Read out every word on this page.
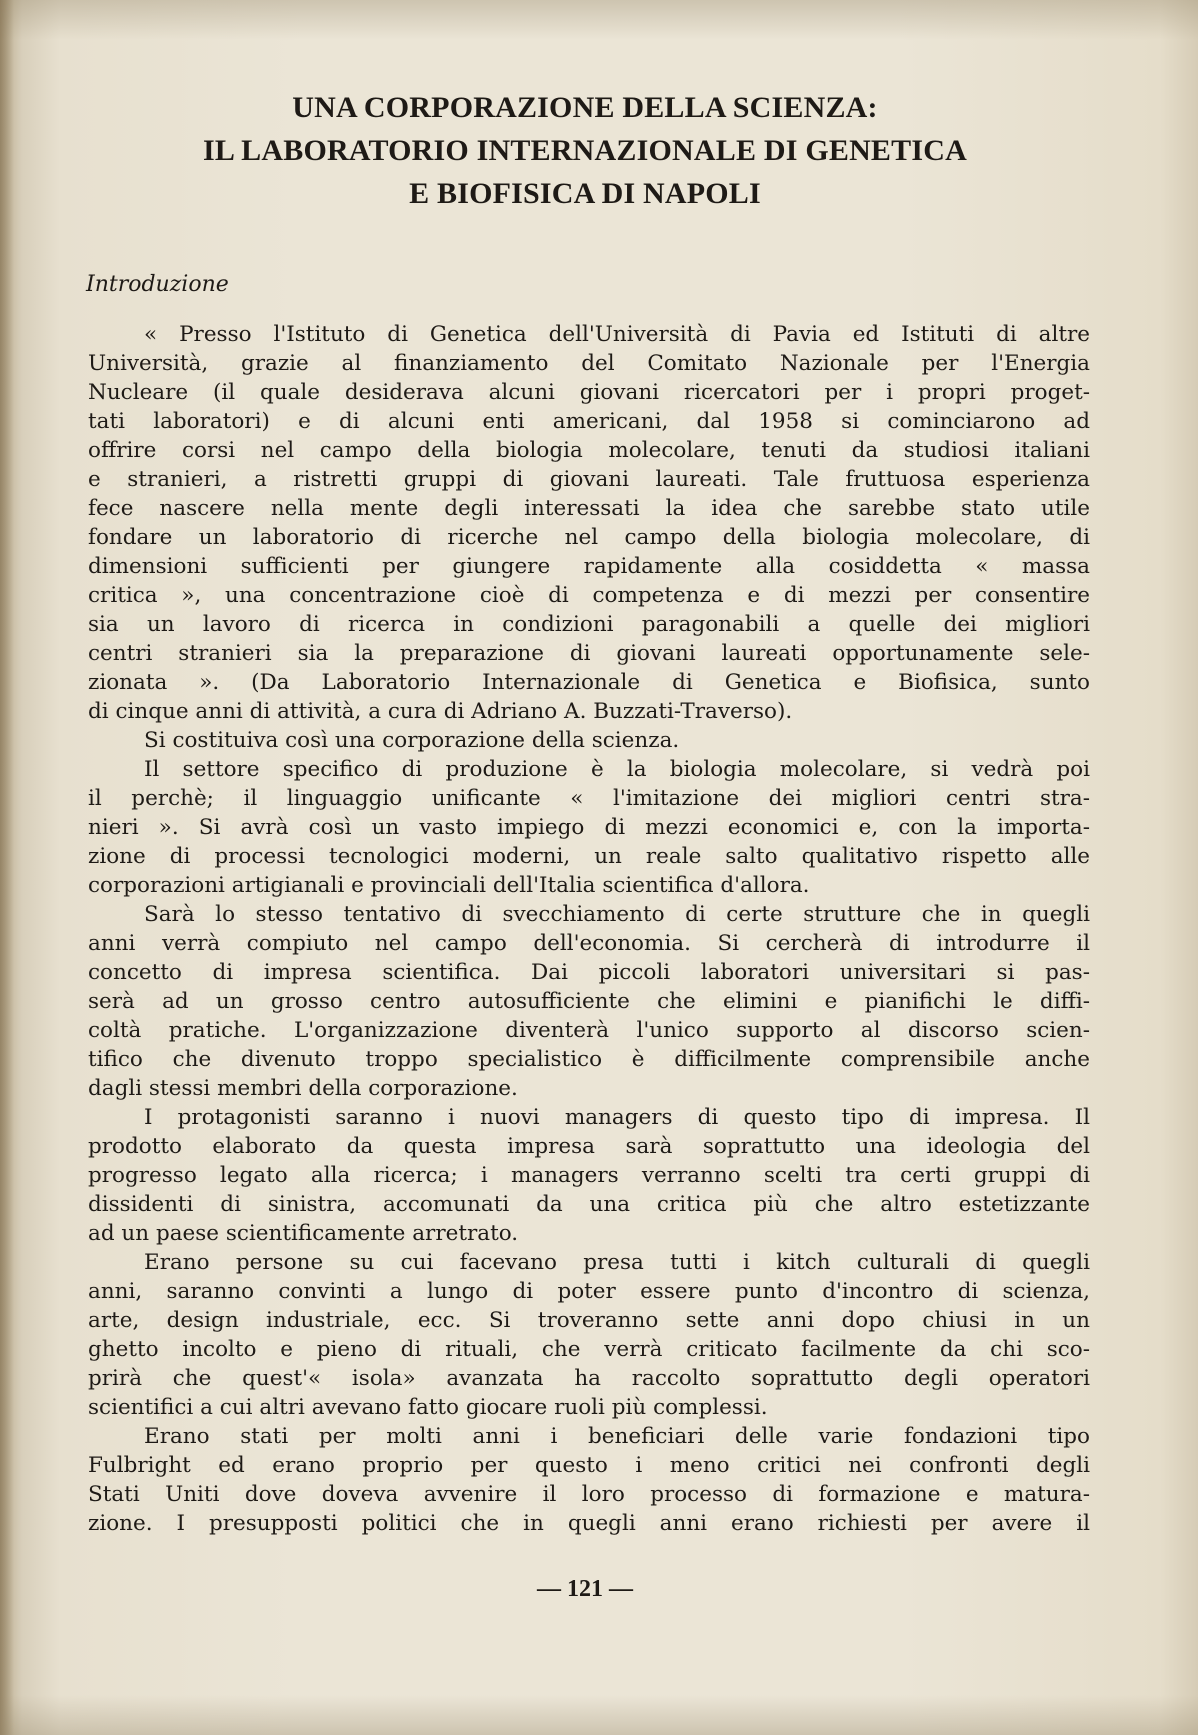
UNA CORPORAZIONE DELLA SCIENZA:
IL LABORATORIO INTERNAZIONALE DI GENETICA
E BIOFISICA DI NAPOLI
Introduzione
« Presso l'Istituto di Genetica dell'Università di Pavia ed Istituti di altre
Università, grazie al finanziamento del Comitato Nazionale per l'Energia
Nucleare (il quale desiderava alcuni giovani ricercatori per i propri proget-
tati laboratori) e di alcuni enti americani, dal 1958 si cominciarono ad
offrire corsi nel campo della biologia molecolare, tenuti da studiosi italiani
e stranieri, a ristretti gruppi di giovani laureati. Tale fruttuosa esperienza
fece nascere nella mente degli interessati la idea che sarebbe stato utile
fondare un laboratorio di ricerche nel campo della biologia molecolare, di
dimensioni sufficienti per giungere rapidamente alla cosiddetta « massa
critica », una concentrazione cioè di competenza e di mezzi per consentire
sia un lavoro di ricerca in condizioni paragonabili a quelle dei migliori
centri stranieri sia la preparazione di giovani laureati opportunamente sele-
zionata ». (Da Laboratorio Internazionale di Genetica e Biofisica, sunto
di cinque anni di attività, a cura di Adriano A. Buzzati-Traverso).
Si costituiva così una corporazione della scienza.
Il settore specifico di produzione è la biologia molecolare, si vedrà poi
il perchè; il linguaggio unificante « l'imitazione dei migliori centri stra-
nieri ». Si avrà così un vasto impiego di mezzi economici e, con la importa-
zione di processi tecnologici moderni, un reale salto qualitativo rispetto alle
corporazioni artigianali e provinciali dell'Italia scientifica d'allora.
Sarà lo stesso tentativo di svecchiamento di certe strutture che in quegli
anni verrà compiuto nel campo dell'economia. Si cercherà di introdurre il
concetto di impresa scientifica. Dai piccoli laboratori universitari si pas-
serà ad un grosso centro autosufficiente che elimini e pianifichi le diffi-
coltà pratiche. L'organizzazione diventerà l'unico supporto al discorso scien-
tifico che divenuto troppo specialistico è difficilmente comprensibile anche
dagli stessi membri della corporazione.
I protagonisti saranno i nuovi managers di questo tipo di impresa. Il
prodotto elaborato da questa impresa sarà soprattutto una ideologia del
progresso legato alla ricerca; i managers verranno scelti tra certi gruppi di
dissidenti di sinistra, accomunati da una critica più che altro estetizzante
ad un paese scientificamente arretrato.
Erano persone su cui facevano presa tutti i kitch culturali di quegli
anni, saranno convinti a lungo di poter essere punto d'incontro di scienza,
arte, design industriale, ecc. Si troveranno sette anni dopo chiusi in un
ghetto incolto e pieno di rituali, che verrà criticato facilmente da chi sco-
prirà che quest'« isola» avanzata ha raccolto soprattutto degli operatori
scientifici a cui altri avevano fatto giocare ruoli più complessi.
Erano stati per molti anni i beneficiari delle varie fondazioni tipo
Fulbright ed erano proprio per questo i meno critici nei confronti degli
Stati Uniti dove doveva avvenire il loro processo di formazione e matura-
zione. I presupposti politici che in quegli anni erano richiesti per avere il
— 121 —
